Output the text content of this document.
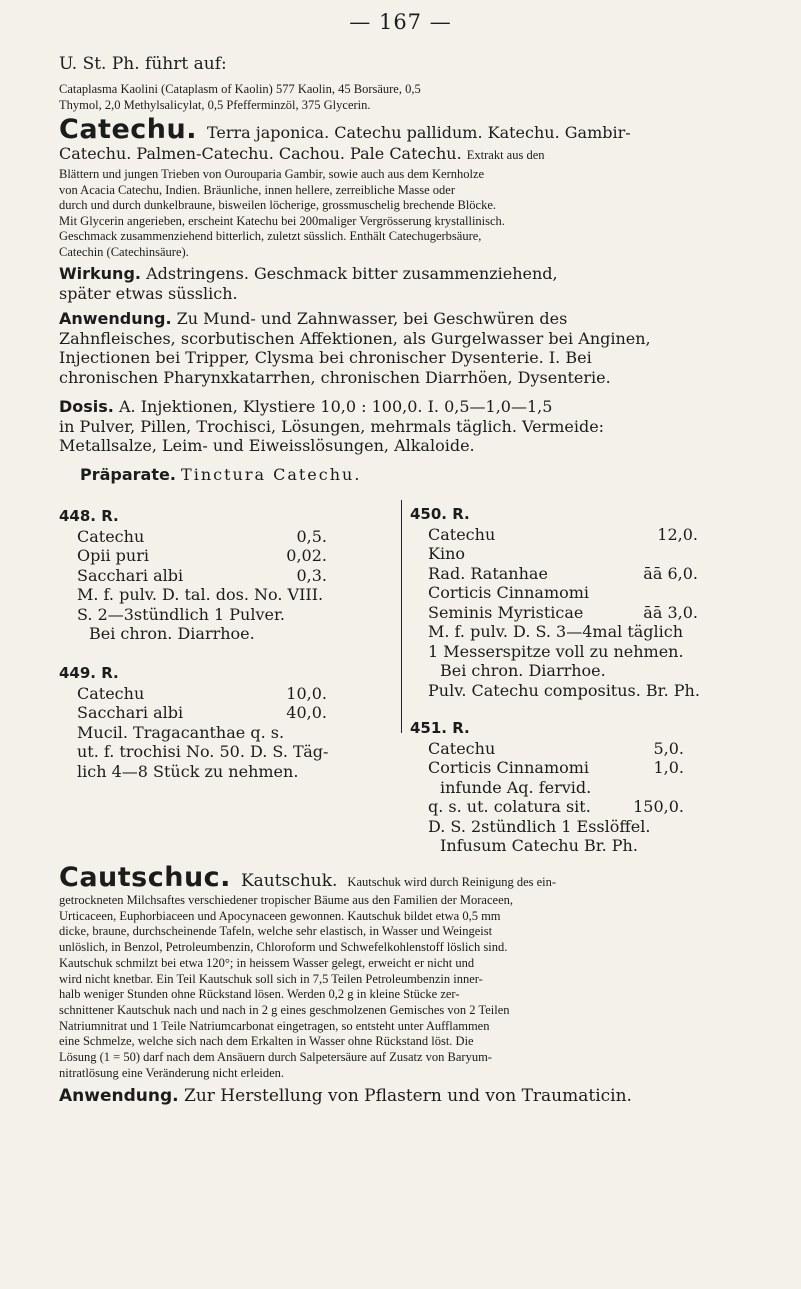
— 167 —
U. St. Ph. führt auf:
Cataplasma Kaolini (Cataplasm of Kaolin) 577 Kaolin, 45 Borsäure, 0,5
Thymol, 2,0 Methylsalicylat, 0,5 Pfefferminzöl, 375 Glycerin.
Catechu. Terra japonica. Catechu pallidum. Katechu. Gambir-
Catechu. Palmen-Catechu. Cachou. Pale Catechu. Extrakt aus den
Blättern und jungen Trieben von Ourouparia Gambir, sowie auch aus dem Kernholze
von Acacia Catechu, Indien. Bräunliche, innen hellere, zerreibliche Masse oder
durch und durch dunkelbraune, bisweilen löcherige, grossmuschelig brechende Blöcke.
Mit Glycerin angerieben, erscheint Katechu bei 200maliger Vergrösserung krystallinisch.
Geschmack zusammenziehend bitterlich, zuletzt süsslich. Enthält Catechugerbsäure,
Catechin (Catechinsäure).
Wirkung. Adstringens. Geschmack bitter zusammenziehend,
später etwas süsslich.
Anwendung. Zu Mund- und Zahnwasser, bei Geschwüren des
Zahnfleisches, scorbutischen Affektionen, als Gurgelwasser bei Anginen,
Injectionen bei Tripper, Clysma bei chronischer Dysenterie. I. Bei
chronischen Pharynxkatarrhen, chronischen Diarrhöen, Dysenterie.
Dosis. A. Injektionen, Klystiere 10,0 : 100,0. I. 0,5—1,0—1,5
in Pulver, Pillen, Trochisci, Lösungen, mehrmals täglich. Vermeide:
Metallsalze, Leim- und Eiweisslösungen, Alkaloide.
Präparate. Tinctura Catechu.
448. R.
Catechu	0,5.
Opii puri	0,02.
Sacchari albi	0,3.
M. f. pulv. D. tal. dos. No. VIII.
S. 2—3stündlich 1 Pulver.
Bei chron. Diarrhoe.
449. R.
Catechu	10,0.
Sacchari albi	40,0.
Mucil. Tragacanthae q. s.
ut. f. trochisi No. 50. D. S. Täg-
lich 4—8 Stück zu nehmen.
450. R.
Catechu	12,0.
Kino
Rad. Ratanhae	āā 6,0.
Corticis Cinnamomi
Seminis Myristicae	āā 3,0.
M. f. pulv. D. S. 3—4mal täglich
1 Messerspitze voll zu nehmen.
Bei chron. Diarrhoe.
Pulv. Catechu compositus. Br. Ph.
451. R.
Catechu	5,0.
Corticis Cinnamomi	1,0.
infunde Aq. fervid.
q. s. ut. colatura sit.	150,0.
D. S. 2stündlich 1 Esslöffel.
Infusum Catechu Br. Ph.
Cautschuc. Kautschuk. Kautschuk wird durch Reinigung des ein-
getrockneten Milchsaftes verschiedener tropischer Bäume aus den Familien der Moraceen,
Urticaceen, Euphorbiaceen und Apocynaceen gewonnen. Kautschuk bildet etwa 0,5 mm
dicke, braune, durchscheinende Tafeln, welche sehr elastisch, in Wasser und Weingeist
unlöslich, in Benzol, Petroleumbenzin, Chloroform und Schwefelkohlenstoff löslich sind.
Kautschuk schmilzt bei etwa 120°; in heissem Wasser gelegt, erweicht er nicht und
wird nicht knetbar. Ein Teil Kautschuk soll sich in 7,5 Teilen Petroleumbenzin inner-
halb weniger Stunden ohne Rückstand lösen. Werden 0,2 g in kleine Stücke zer-
schnittener Kautschuk nach und nach in 2 g eines geschmolzenen Gemisches von 2 Teilen
Natriumnitrat und 1 Teile Natriumcarbonat eingetragen, so entsteht unter Aufflammen
eine Schmelze, welche sich nach dem Erkalten in Wasser ohne Rückstand löst. Die
Lösung (1 = 50) darf nach dem Ansäuern durch Salpetersäure auf Zusatz von Baryum-
nitratlösung eine Veränderung nicht erleiden.
Anwendung. Zur Herstellung von Pflastern und von Traumaticin.
